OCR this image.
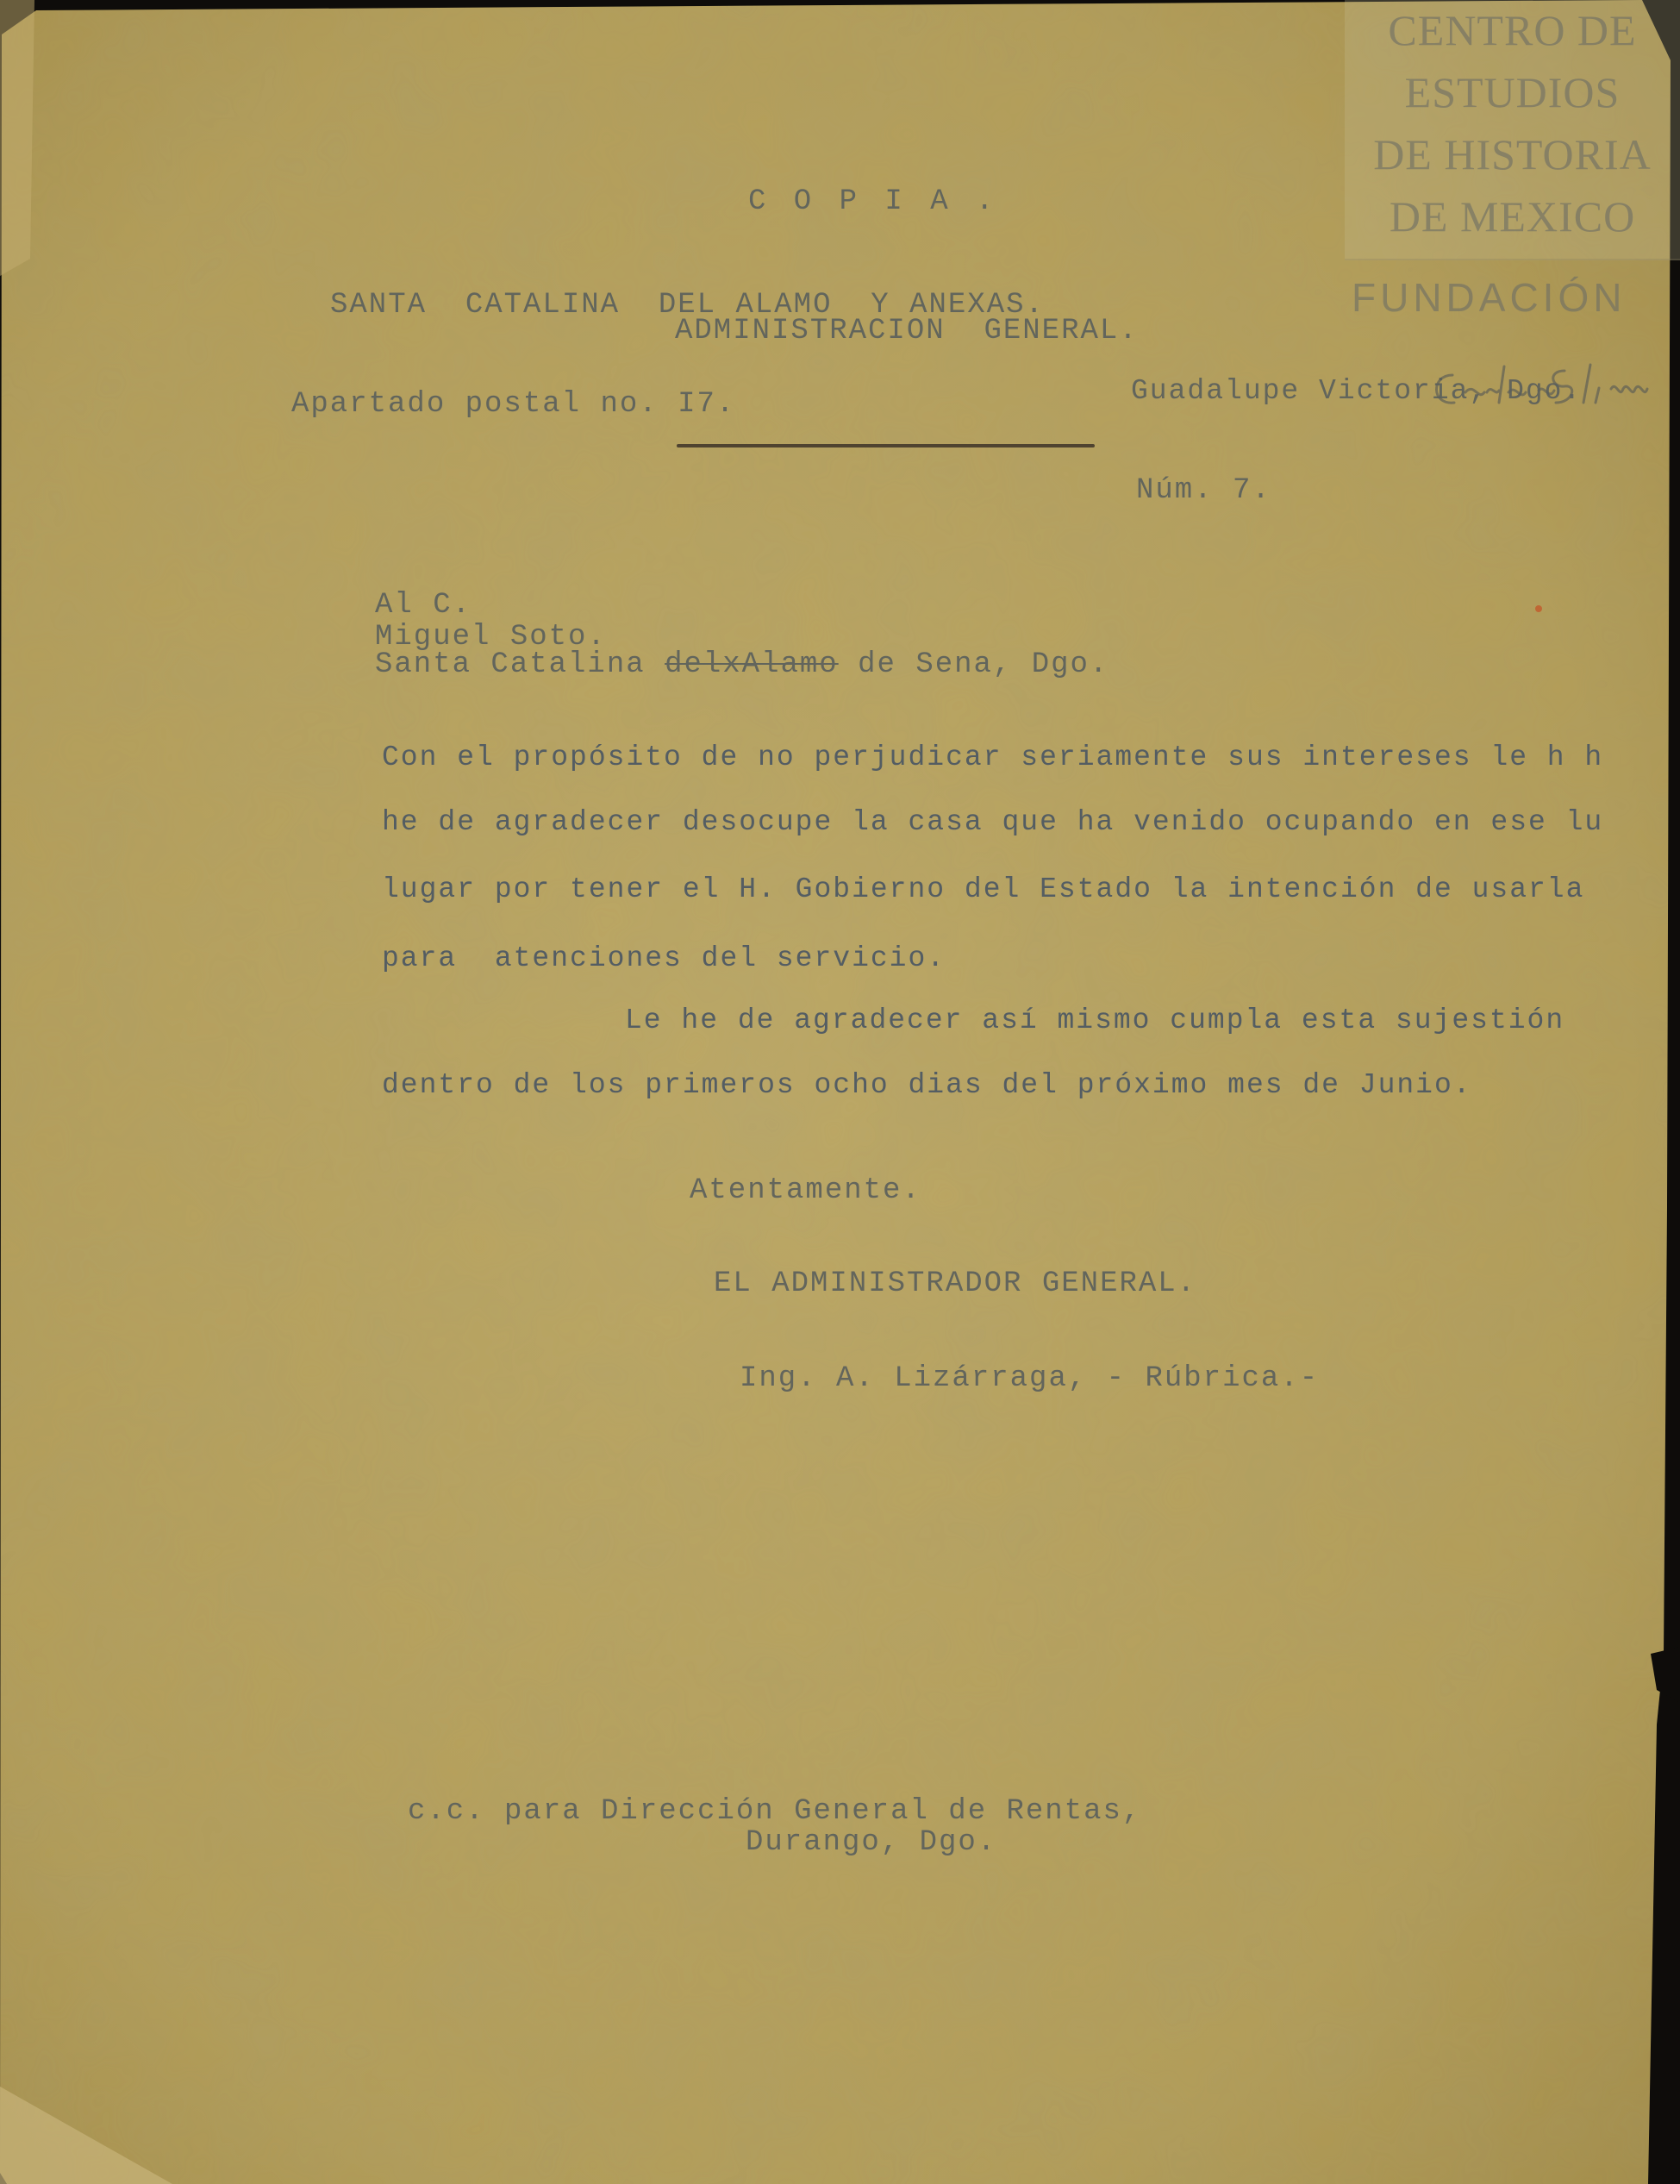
CENTRO DE
ESTUDIOS
DE HISTORIA
DE MEXICO
FUNDACIÓN
C O P I A .
SANTA  CATALINA  DEL ALAMO  Y ANEXAS.
ADMINISTRACION  GENERAL.
Apartado postal no. I7.	Guadalupe Victoria, Dgo.
Núm. 7.
Al C.
Miguel Soto.
Santa Catalina delxAlamo de Sena, Dgo.
Con el propósito de no perjudicar seriamente sus intereses le h h
he de agradecer desocupe la casa que ha venido ocupando en ese lu
lugar por tener el H. Gobierno del Estado la intención de usarla
para  atenciones del servicio.
Le he de agradecer así mismo cumpla esta sujestión
dentro de los primeros ocho dias del próximo mes de Junio.
Atentamente.
EL ADMINISTRADOR GENERAL.
Ing. A. Lizárraga, - Rúbrica.-
c.c. para Dirección General de Rentas,
Durango, Dgo.
